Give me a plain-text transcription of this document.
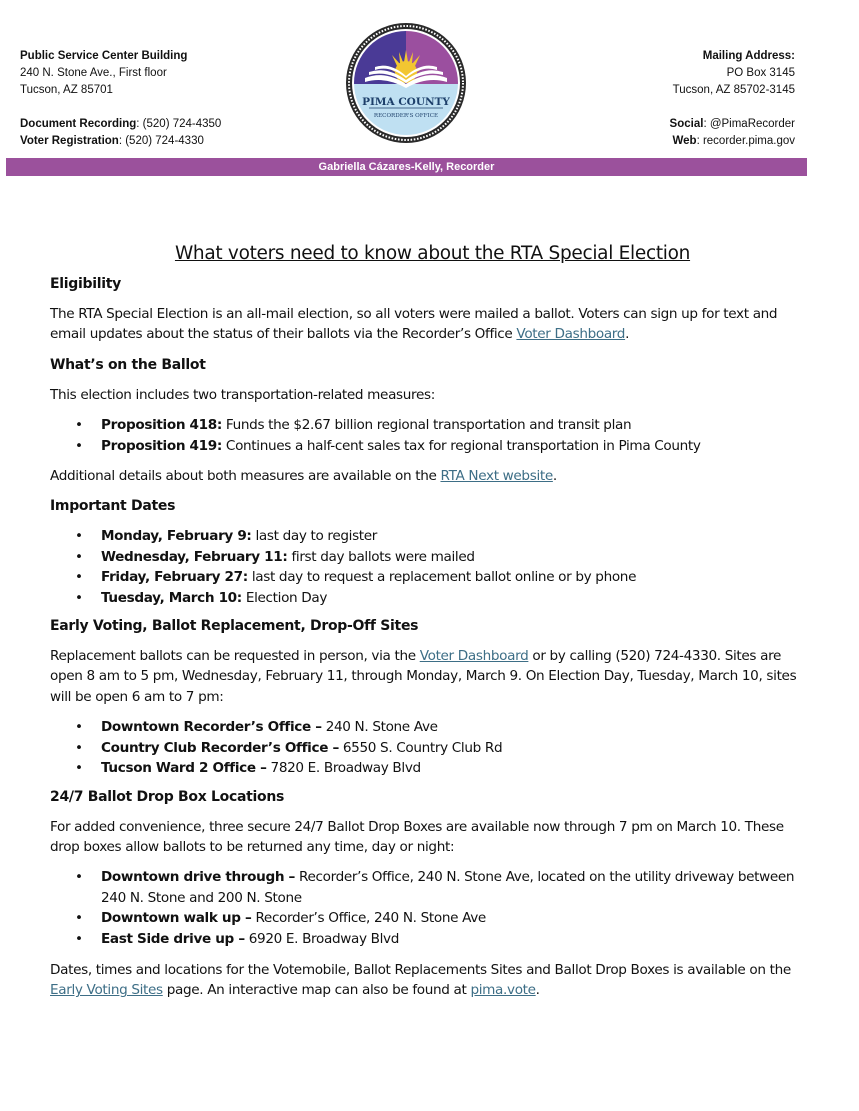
Public Service Center Building
240 N. Stone Ave., First floor
Tucson, AZ 85701
Document Recording: (520) 724-4350
Voter Registration: (520) 724-4330
PIMA COUNTY
RECORDER'S OFFICE
Mailing Address:
PO Box 3145
Tucson, AZ 85702-3145
Social: @PimaRecorder
Web: recorder.pima.gov
Gabriella Cázares-Kelly, Recorder
What voters need to know about the RTA Special Election
Eligibility

The RTA Special Election is an all-mail election, so all voters were mailed a ballot. Voters can sign up for text and email updates about the status of their ballots via the Recorder’s Office Voter Dashboard.

What’s on the Ballot

This election includes two transportation-related measures:

• Proposition 418: Funds the $2.67 billion regional transportation and transit plan
• Proposition 419: Continues a half-cent sales tax for regional transportation in Pima County

Additional details about both measures are available on the RTA Next website.

Important Dates
• Monday, February 9: last day to register
• Wednesday, February 11: first day ballots were mailed
• Friday, February 27: last day to request a replacement ballot online or by phone
• Tuesday, March 10: Election Day
Early Voting, Ballot Replacement, Drop-Off Sites

Replacement ballots can be requested in person, via the Voter Dashboard or by calling (520) 724-4330. Sites are open 8 am to 5 pm, Wednesday, February 11, through Monday, March 9. On Election Day, Tuesday, March 10, sites will be open 6 am to 7 pm:

• Downtown Recorder’s Office – 240 N. Stone Ave
• Country Club Recorder’s Office – 6550 S. Country Club Rd
• Tucson Ward 2 Office – 7820 E. Broadway Blvd
24/7 Ballot Drop Box Locations

For added convenience, three secure 24/7 Ballot Drop Boxes are available now through 7 pm on March 10. These drop boxes allow ballots to be returned any time, day or night:

• Downtown drive through – Recorder’s Office, 240 N. Stone Ave, located on the utility driveway between 240 N. Stone and 200 N. Stone
• Downtown walk up – Recorder’s Office, 240 N. Stone Ave
• East Side drive up – 6920 E. Broadway Blvd

Dates, times and locations for the Votemobile, Ballot Replacements Sites and Ballot Drop Boxes is available on the Early Voting Sites page. An interactive map can also be found at pima.vote.
